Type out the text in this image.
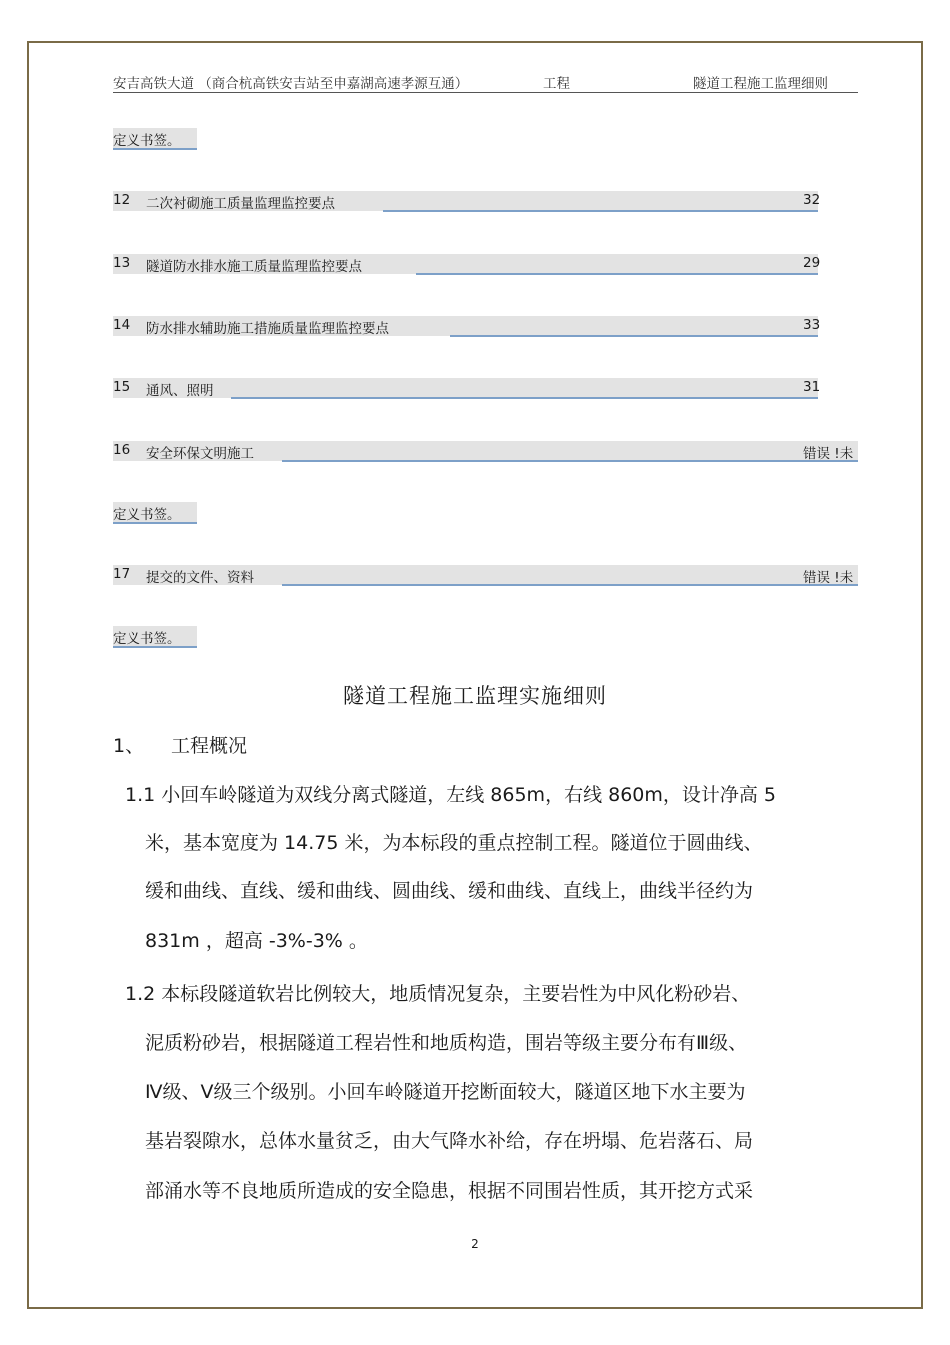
安吉高铁大道 （商合杭高铁安吉站至申嘉湖高速孝源互通）	工程	隧道工程施工监理细则
定义书签。
12 二次衬砌施工质量监理监控要点	32
13 隧道防水排水施工质量监理监控要点	29
14 防水排水辅助施工措施质量监理监控要点	33
15 通风、照明	31
16 安全环保文明施工	错误 !未
定义书签。
17 提交的文件、资料	错误 !未
定义书签。
隧道工程施工监理实施细则
1、 工程概况
1.1 小回车岭隧道为双线分离式隧道，左线 865m，右线 860m，设计净高 5
米，基本宽度为 14.75 米，为本标段的重点控制工程。隧道位于圆曲线、
缓和曲线、直线、缓和曲线、圆曲线、缓和曲线、直线上，曲线半径约为
831m ，超高 -3%-3% 。
1.2 本标段隧道软岩比例较大，地质情况复杂，主要岩性为中风化粉砂岩、
泥质粉砂岩，根据隧道工程岩性和地质构造，围岩等级主要分布有Ⅲ级、
Ⅳ级、Ⅴ级三个级别。小回车岭隧道开挖断面较大，隧道区地下水主要为
基岩裂隙水，总体水量贫乏，由大气降水补给，存在坍塌、危岩落石、局
部涌水等不良地质所造成的安全隐患，根据不同围岩性质，其开挖方式采
2
